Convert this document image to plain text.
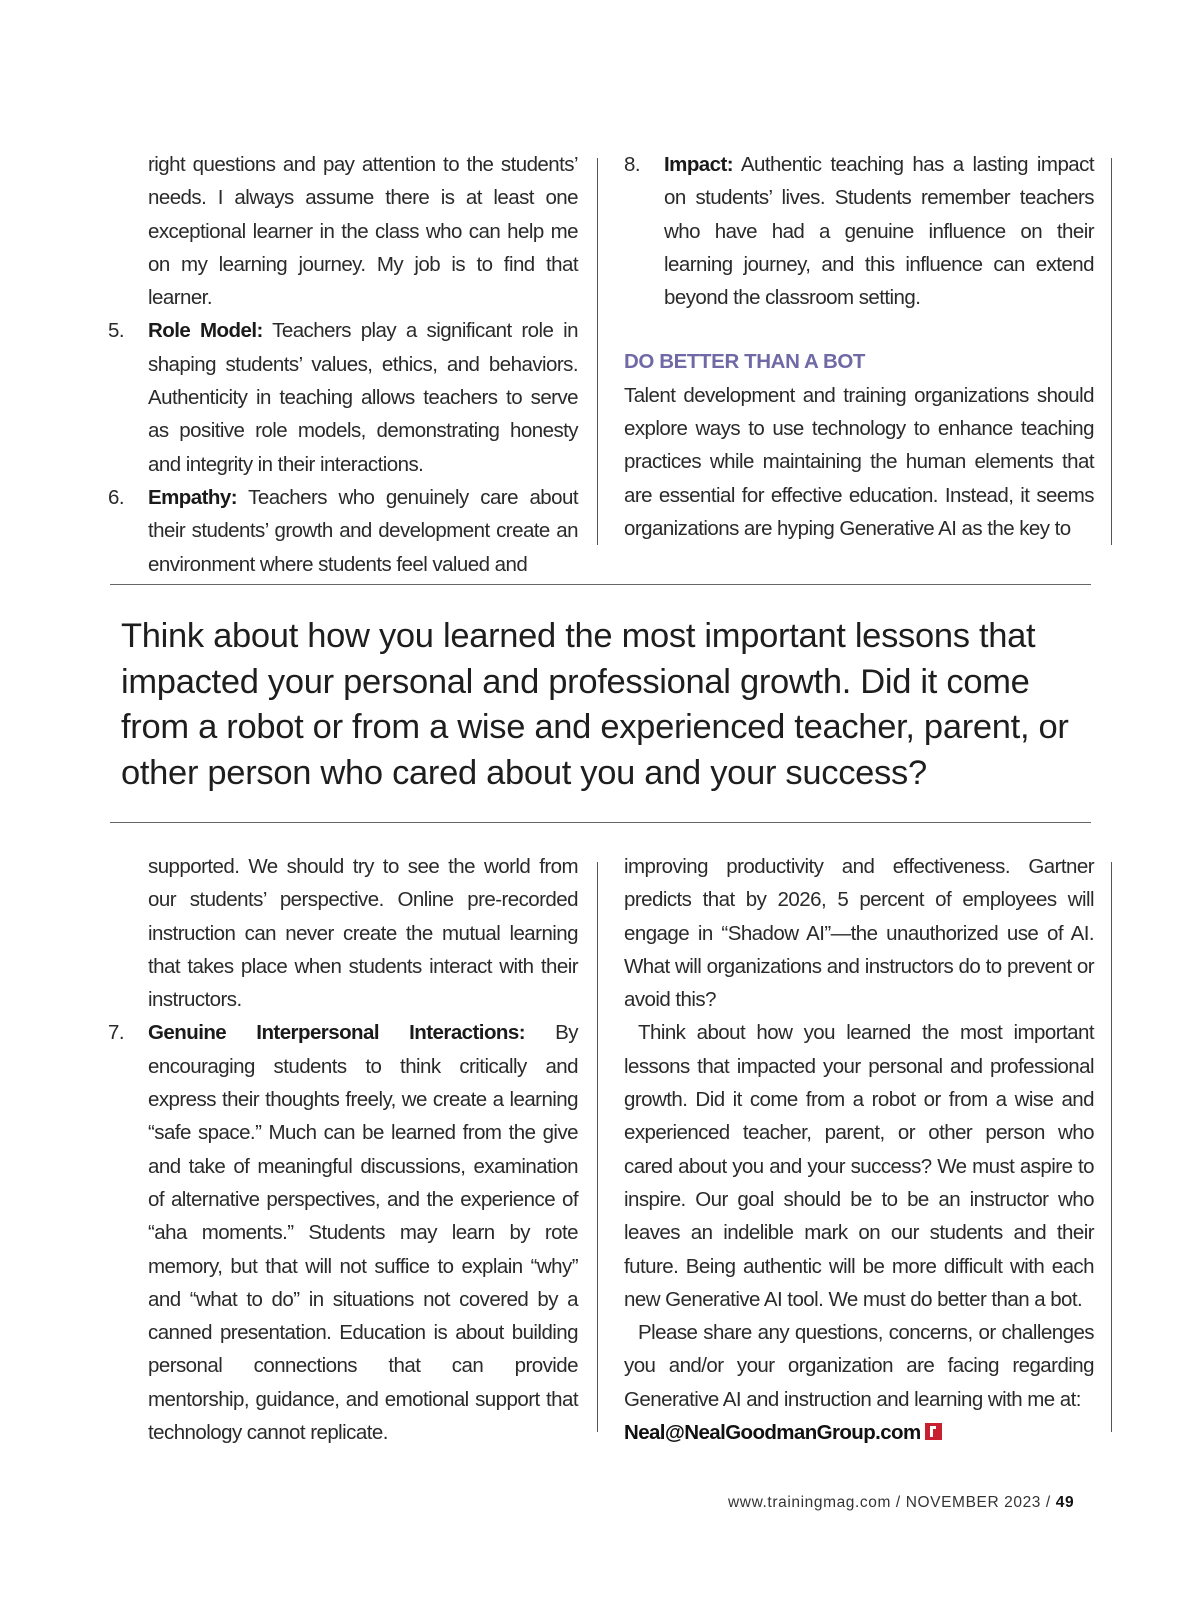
right questions and pay attention to the students’ needs. I always assume there is at least one exceptional learner in the class who can help me on my learning journey. My job is to find that learner.

5. Role Model: Teachers play a significant role in shaping students’ values, ethics, and behaviors. Authenticity in teaching allows teachers to serve as positive role models, demonstrating honesty and integrity in their interactions.

6. Empathy: Teachers who genuinely care about their students’ growth and development create an environment where students feel valued and

8. Impact: Authentic teaching has a lasting impact on students’ lives. Students remember teachers who have had a genuine influence on their learning journey, and this influence can extend beyond the classroom setting.

DO BETTER THAN A BOT

Talent development and training organizations should explore ways to use technology to enhance teaching practices while maintaining the human elements that are essential for effective education. Instead, it seems organizations are hyping Generative AI as the key to

Think about how you learned the most important lessons that impacted your personal and professional growth. Did it come from a robot or from a wise and experienced teacher, parent, or other person who cared about you and your success?

supported. We should try to see the world from our students’ perspective. Online pre-recorded instruction can never create the mutual learning that takes place when students interact with their instructors.

7. Genuine Interpersonal Interactions: By encouraging students to think critically and express their thoughts freely, we create a learning “safe space.” Much can be learned from the give and take of meaningful discussions, examination of alternative perspectives, and the experience of “aha moments.” Students may learn by rote memory, but that will not suffice to explain “why” and “what to do” in situations not covered by a canned presentation. Education is about building personal connections that can provide mentorship, guidance, and emotional support that technology cannot replicate.

improving productivity and effectiveness. Gartner predicts that by 2026, 5 percent of employees will engage in “Shadow AI”—the unauthorized use of AI. What will organizations and instructors do to prevent or avoid this?

Think about how you learned the most important lessons that impacted your personal and professional growth. Did it come from a robot or from a wise and experienced teacher, parent, or other person who cared about you and your success? We must aspire to inspire. Our goal should be to be an instructor who leaves an indelible mark on our students and their future. Being authentic will be more difficult with each new Generative AI tool. We must do better than a bot.

Please share any questions, concerns, or challenges you and/or your organization are facing regarding Generative AI and instruction and learning with me at:

Neal@NealGoodmanGroup.com

www.trainingmag.com / NOVEMBER 2023 / 49
